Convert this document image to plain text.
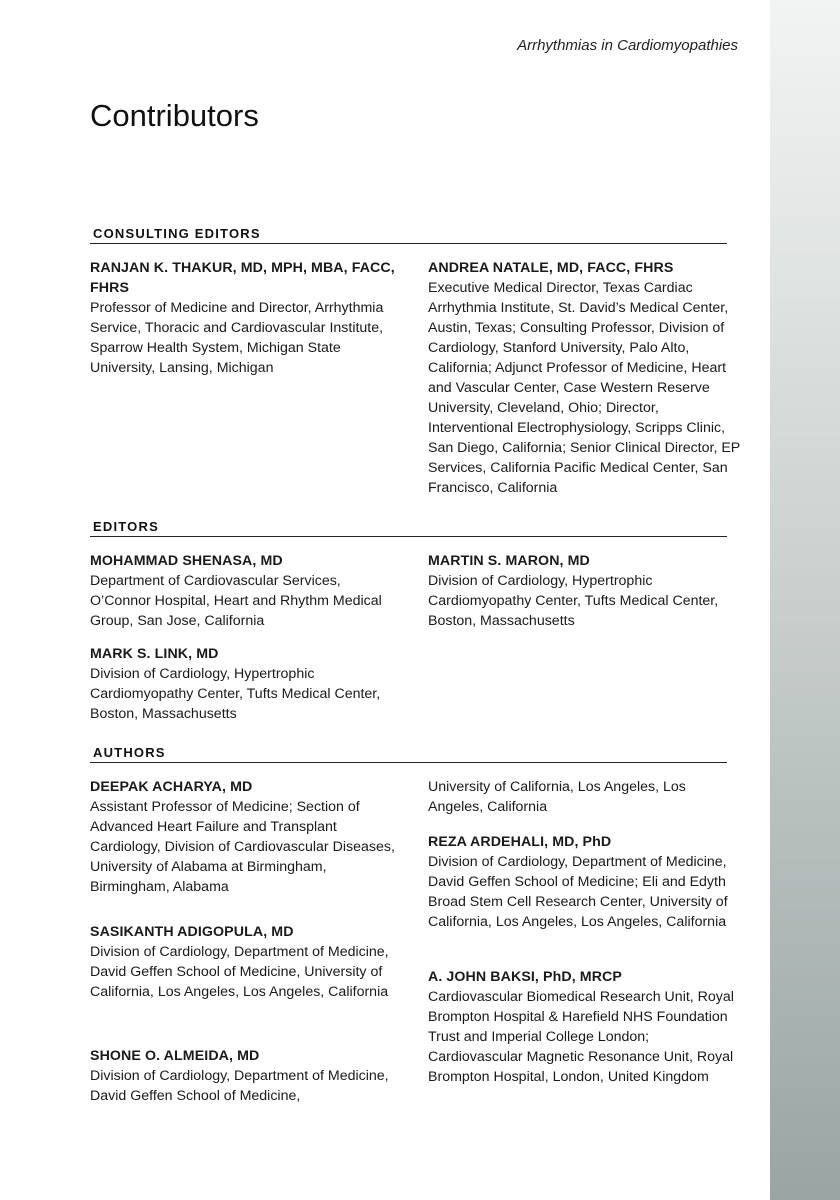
Arrhythmias in Cardiomyopathies
Contributors
CONSULTING EDITORS
RANJAN K. THAKUR, MD, MPH, MBA, FACC, FHRS
Professor of Medicine and Director, Arrhythmia Service, Thoracic and Cardiovascular Institute, Sparrow Health System, Michigan State University, Lansing, Michigan
ANDREA NATALE, MD, FACC, FHRS
Executive Medical Director, Texas Cardiac Arrhythmia Institute, St. David’s Medical Center, Austin, Texas; Consulting Professor, Division of Cardiology, Stanford University, Palo Alto, California; Adjunct Professor of Medicine, Heart and Vascular Center, Case Western Reserve University, Cleveland, Ohio; Director, Interventional Electrophysiology, Scripps Clinic, San Diego, California; Senior Clinical Director, EP Services, California Pacific Medical Center, San Francisco, California
EDITORS
MOHAMMAD SHENASA, MD
Department of Cardiovascular Services, O’Connor Hospital, Heart and Rhythm Medical Group, San Jose, California
MARTIN S. MARON, MD
Division of Cardiology, Hypertrophic Cardiomyopathy Center, Tufts Medical Center, Boston, Massachusetts
MARK S. LINK, MD
Division of Cardiology, Hypertrophic Cardiomyopathy Center, Tufts Medical Center, Boston, Massachusetts
AUTHORS
DEEPAK ACHARYA, MD
Assistant Professor of Medicine; Section of Advanced Heart Failure and Transplant Cardiology, Division of Cardiovascular Diseases, University of Alabama at Birmingham, Birmingham, Alabama
SASIKANTH ADIGOPULA, MD
Division of Cardiology, Department of Medicine, David Geffen School of Medicine, University of California, Los Angeles, Los Angeles, California
SHONE O. ALMEIDA, MD
Division of Cardiology, Department of Medicine, David Geffen School of Medicine,
University of California, Los Angeles, Los Angeles, California
REZA ARDEHALI, MD, PhD
Division of Cardiology, Department of Medicine, David Geffen School of Medicine; Eli and Edyth Broad Stem Cell Research Center, University of California, Los Angeles, Los Angeles, California
A. JOHN BAKSI, PhD, MRCP
Cardiovascular Biomedical Research Unit, Royal Brompton Hospital & Harefield NHS Foundation Trust and Imperial College London; Cardiovascular Magnetic Resonance Unit, Royal Brompton Hospital, London, United Kingdom
